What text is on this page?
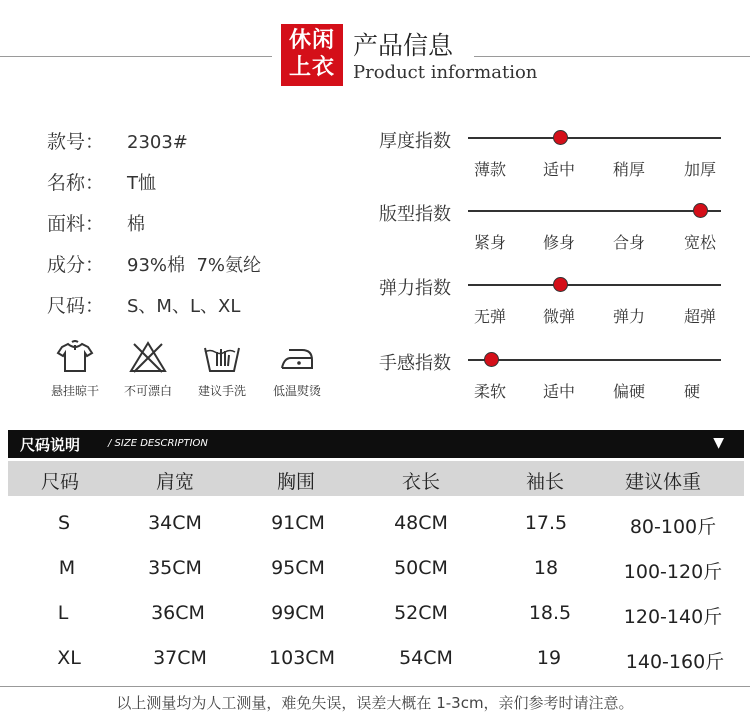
休闲
上衣
产品信息
Product information
款号： 2303#
名称： T恤
面料： 棉
成分： 93%棉  7%氨纶
尺码： S、M、L、XL
悬挂晾干	不可漂白	建议手洗	低温熨烫
厚度指数
薄款 适中 稍厚 加厚
版型指数
紧身 修身 合身 宽松
弹力指数
无弹 微弹 弹力 超弹
手感指数
柔软 适中 偏硬 硬
尺码说明	/ SIZE DESCRIPTION	▼
尺码	肩宽	胸围	衣长	袖长	建议体重
S	34CM	91CM	48CM	17.5	80-100斤
M	35CM	95CM	50CM	18	100-120斤
L	36CM	99CM	52CM	18.5	120-140斤
XL	37CM	103CM	54CM	19	140-160斤
以上测量均为人工测量，难免失误，误差大概在 1-3cm，亲们参考时请注意。
